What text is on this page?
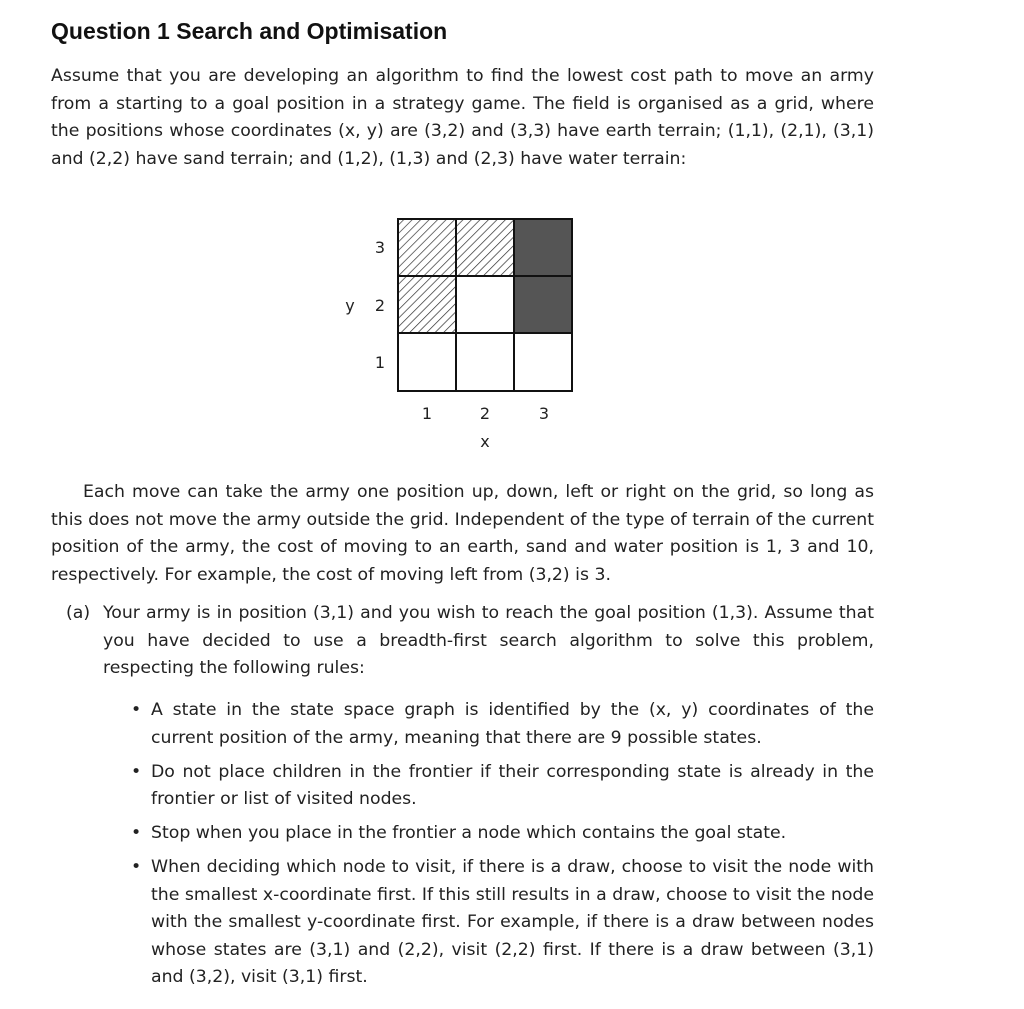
Question 1 Search and Optimisation

Assume that you are developing an algorithm to find the lowest cost path to move an army from a starting to a goal position in a strategy game. The field is organised as a grid, where the positions whose coordinates (x, y) are (3,2) and (3,3) have earth terrain; (1,1), (2,1), (3,1) and (2,2) have sand terrain; and (1,2), (1,3) and (2,3) have water terrain:

3
2
1
y
1	2	3
x

Each move can take the army one position up, down, left or right on the grid, so long as this does not move the army outside the grid. Independent of the type of terrain of the current position of the army, the cost of moving to an earth, sand and water position is 1, 3 and 10, respectively. For example, the cost of moving left from (3,2) is 3.

(a) Your army is in position (3,1) and you wish to reach the goal position (1,3). Assume that you have decided to use a breadth-first search algorithm to solve this problem, respecting the following rules:
• A state in the state space graph is identified by the (x, y) coordinates of the current position of the army, meaning that there are 9 possible states.
• Do not place children in the frontier if their corresponding state is already in the frontier or list of visited nodes.
• Stop when you place in the frontier a node which contains the goal state.
• When deciding which node to visit, if there is a draw, choose to visit the node with the smallest x-coordinate first. If this still results in a draw, choose to visit the node with the smallest y-coordinate first. For example, if there is a draw between nodes whose states are (3,1) and (2,2), visit (2,2) first. If there is a draw between (3,1) and (3,2), visit (3,1) first.
